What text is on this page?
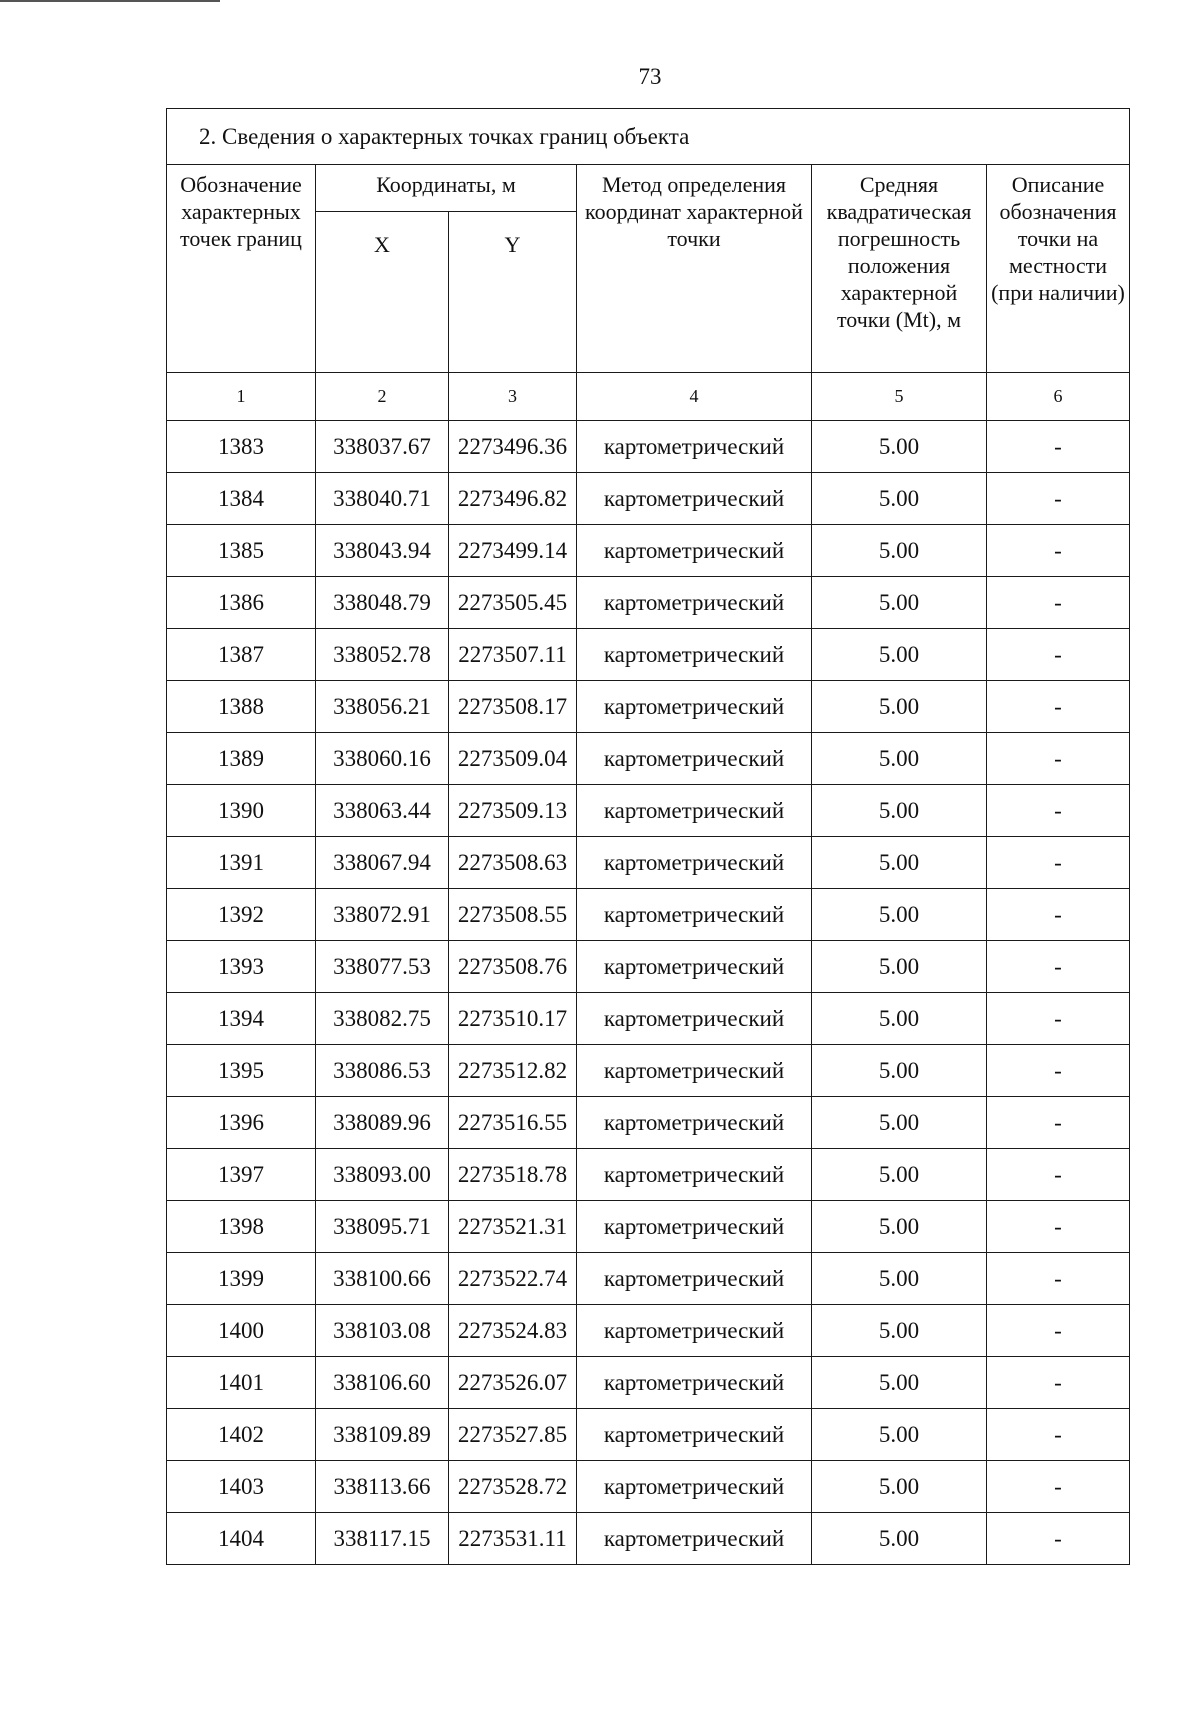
73
2. Сведения о характерных точках границ объекта					
Обозначение характерных точек границ	Координаты, м		Метод определения координат характерной точки	Средняя квадратическая погрешность положения характерной точки (Mt), м	Описание обозначения точки на местности (при наличии)
	X	Y			
1	2	3	4	5	6
1383	338037.67	2273496.36	картометрический	5.00	-
1384	338040.71	2273496.82	картометрический	5.00	-
1385	338043.94	2273499.14	картометрический	5.00	-
1386	338048.79	2273505.45	картометрический	5.00	-
1387	338052.78	2273507.11	картометрический	5.00	-
1388	338056.21	2273508.17	картометрический	5.00	-
1389	338060.16	2273509.04	картометрический	5.00	-
1390	338063.44	2273509.13	картометрический	5.00	-
1391	338067.94	2273508.63	картометрический	5.00	-
1392	338072.91	2273508.55	картометрический	5.00	-
1393	338077.53	2273508.76	картометрический	5.00	-
1394	338082.75	2273510.17	картометрический	5.00	-
1395	338086.53	2273512.82	картометрический	5.00	-
1396	338089.96	2273516.55	картометрический	5.00	-
1397	338093.00	2273518.78	картометрический	5.00	-
1398	338095.71	2273521.31	картометрический	5.00	-
1399	338100.66	2273522.74	картометрический	5.00	-
1400	338103.08	2273524.83	картометрический	5.00	-
1401	338106.60	2273526.07	картометрический	5.00	-
1402	338109.89	2273527.85	картометрический	5.00	-
1403	338113.66	2273528.72	картометрический	5.00	-
1404	338117.15	2273531.11	картометрический	5.00	-
